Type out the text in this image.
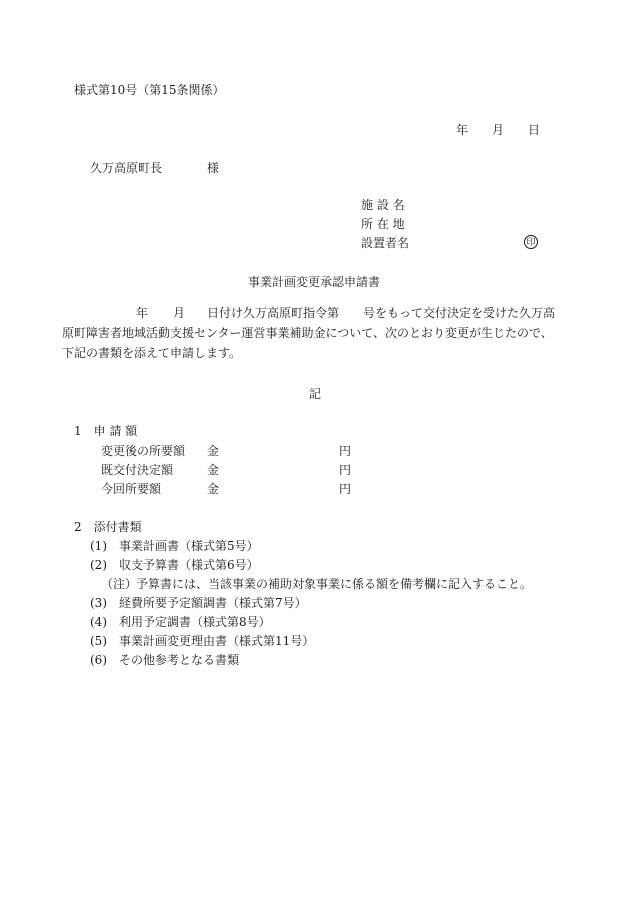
様式第10号（第15条関係）
年 月 日
久万高原町長	様
施 設 名
所 在 地
設置者名	印
事業計画変更承認申請書
年 月 日付け久万高原町指令第　　号をもって交付決定を受けた久万高
原町障害者地域活動支援センター運営事業補助金について、次のとおり変更が生じたので、
下記の書類を添えて申請します。
記
1　申 請 額
変更後の所要額 金	円
既交付決定額	金	円
今回所要額	金	円
2　添付書類
(1) 事業計画書（様式第5号）
(2) 収支予算書（様式第6号）
（注）
予算書には、当該事業の補助対象事業に係る額を備考欄に記入すること。
(3) 経費所要予定額調書（様式第7号）
(4) 利用予定調書（様式第8号）
(5) 事業計画変更理由書（様式第11号）
(6) その他参考となる書類
